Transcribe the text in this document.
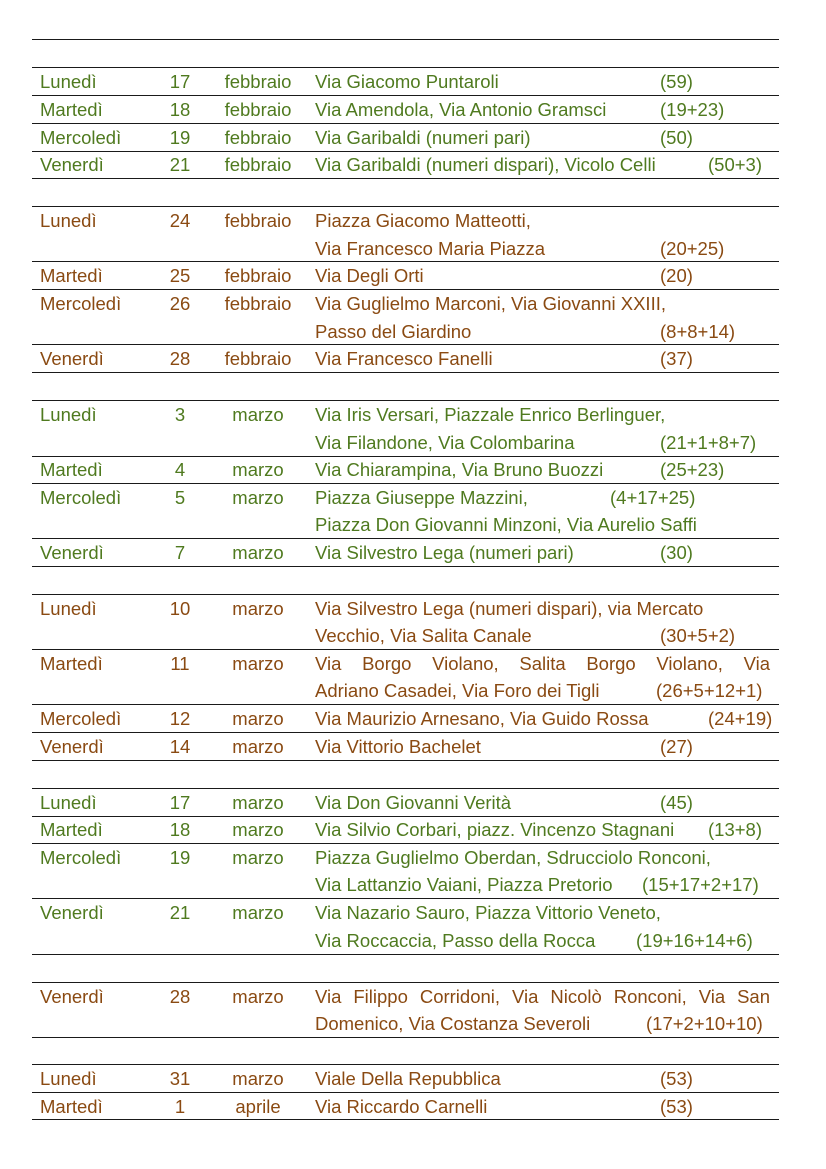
Lunedì	17	febbraio	Via Giacomo Puntaroli	(59)
Martedì	18	febbraio	Via Amendola, Via Antonio Gramsci	(19+23)
Mercoledì	19	febbraio	Via Garibaldi (numeri pari)	(50)
Venerdì	21	febbraio	Via Garibaldi (numeri dispari), Vicolo Celli	(50+3)
Lunedì	24	febbraio	Piazza Giacomo Matteotti,
Via Francesco Maria Piazza	(20+25)
Martedì	25	febbraio	Via Degli Orti	(20)
Mercoledì	26	febbraio	Via Guglielmo Marconi, Via Giovanni XXIII,
Passo del Giardino	(8+8+14)
Venerdì	28	febbraio	Via Francesco Fanelli	(37)
Lunedì	3	marzo	Via Iris Versari, Piazzale Enrico Berlinguer,
Via Filandone, Via Colombarina	(21+1+8+7)
Martedì	4	marzo	Via Chiarampina, Via Bruno Buozzi	(25+23)
Mercoledì	5	marzo	Piazza Giuseppe Mazzini,	(4+17+25)
Piazza Don Giovanni Minzoni, Via Aurelio Saffi
Venerdì	7	marzo	Via Silvestro Lega (numeri pari)	(30)
Lunedì	10	marzo	Via Silvestro Lega (numeri dispari), via Mercato
Vecchio, Via Salita Canale	(30+5+2)
Martedì	11	marzo	Via Borgo Violano, Salita Borgo Violano, Via
Adriano Casadei, Via Foro dei Tigli	(26+5+12+1)
Mercoledì	12	marzo	Via Maurizio Arnesano, Via Guido Rossa	(24+19)
Venerdì	14	marzo	Via Vittorio Bachelet	(27)
Lunedì	17	marzo	Via Don Giovanni Verità	(45)
Martedì	18	marzo	Via Silvio Corbari, piazz. Vincenzo Stagnani (13+8)
Mercoledì	19	marzo	Piazza Guglielmo Oberdan, Sdrucciolo Ronconi,
Via Lattanzio Vaiani, Piazza Pretorio (15+17+2+17)
Venerdì	21	marzo	Via Nazario Sauro, Piazza Vittorio Veneto,
Via Roccaccia, Passo della Rocca (19+16+14+6)
Venerdì	28	marzo	Via Filippo Corridoni, Via Nicolò Ronconi, Via San
Domenico, Via Costanza Severoli	(17+2+10+10)
Lunedì	31	marzo	Viale Della Repubblica	(53)
Martedì	1	aprile	Via Riccardo Carnelli	(53)
